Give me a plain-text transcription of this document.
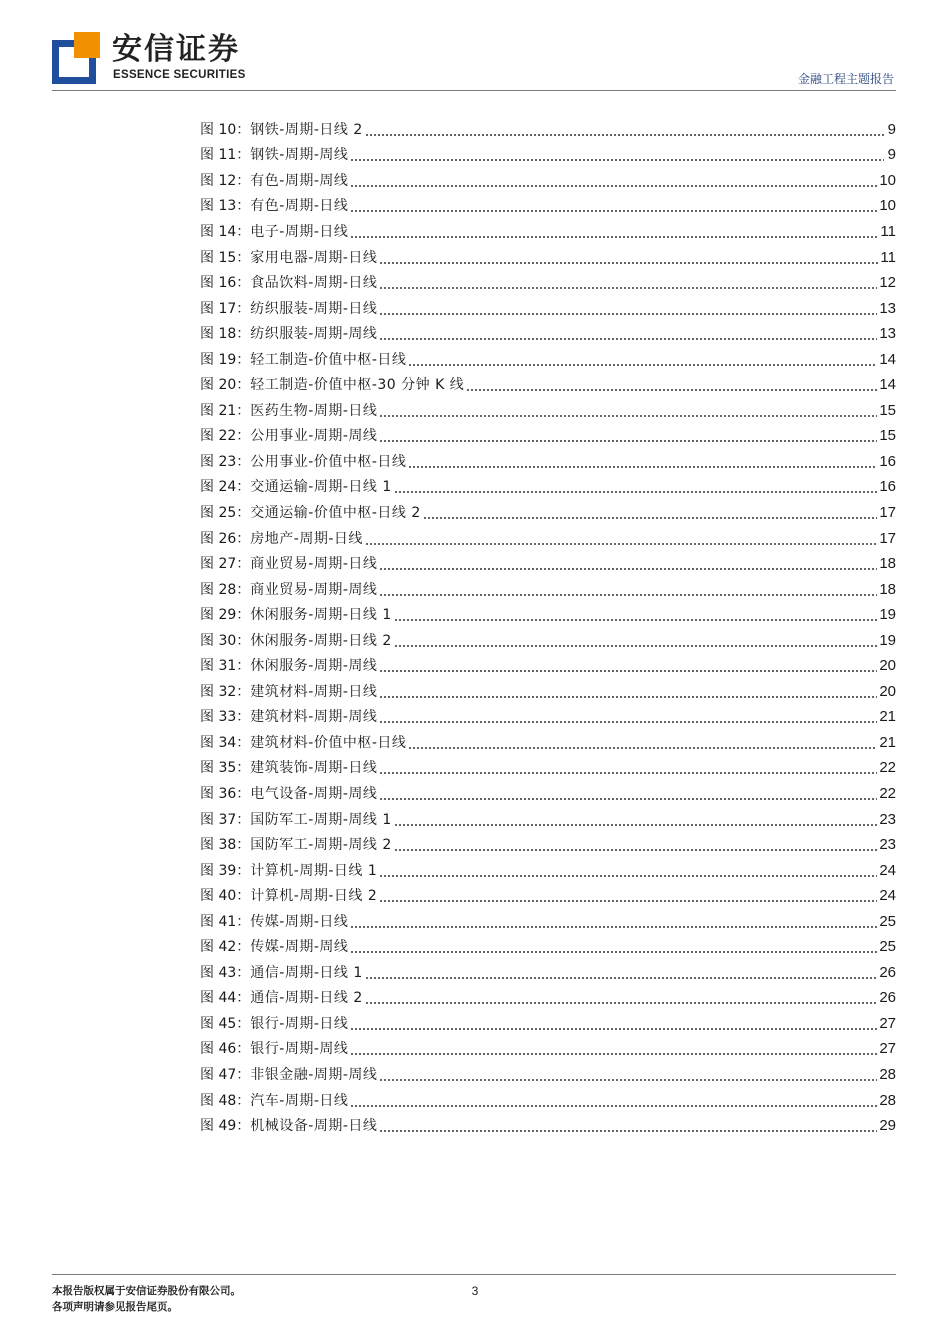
安信证券
ESSENCE SECURITIES	金融工程主题报告
图 10： 钢铁-周期-日线 2	9
图 11： 钢铁-周期-周线	9
图 12： 有色-周期-周线	10
图 13： 有色-周期-日线	10
图 14： 电子-周期-日线	11
图 15： 家用电器-周期-日线	11
图 16： 食品饮料-周期-日线	12
图 17： 纺织服装-周期-日线	13
图 18： 纺织服装-周期-周线	13
图 19： 轻工制造-价值中枢-日线	14
图 20： 轻工制造-价值中枢-30 分钟 K 线	14
图 21： 医药生物-周期-日线	15
图 22： 公用事业-周期-周线	15
图 23： 公用事业-价值中枢-日线	16
图 24： 交通运输-周期-日线 1	16
图 25： 交通运输-价值中枢-日线 2	17
图 26： 房地产-周期-日线	17
图 27： 商业贸易-周期-日线	18
图 28： 商业贸易-周期-周线	18
图 29： 休闲服务-周期-日线 1	19
图 30： 休闲服务-周期-日线 2	19
图 31： 休闲服务-周期-周线	20
图 32： 建筑材料-周期-日线	20
图 33： 建筑材料-周期-周线	21
图 34： 建筑材料-价值中枢-日线	21
图 35： 建筑装饰-周期-日线	22
图 36： 电气设备-周期-周线	22
图 37： 国防军工-周期-周线 1	23
图 38： 国防军工-周期-周线 2	23
图 39： 计算机-周期-日线 1	24
图 40： 计算机-周期-日线 2	24
图 41： 传媒-周期-日线	25
图 42： 传媒-周期-周线	25
图 43： 通信-周期-日线 1	26
图 44： 通信-周期-日线 2	26
图 45： 银行-周期-日线	27
图 46： 银行-周期-周线	27
图 47： 非银金融-周期-周线	28
图 48： 汽车-周期-日线	28
图 49： 机械设备-周期-日线	29
本报告版权属于安信证券股份有限公司。
各项声明请参见报告尾页。
3
